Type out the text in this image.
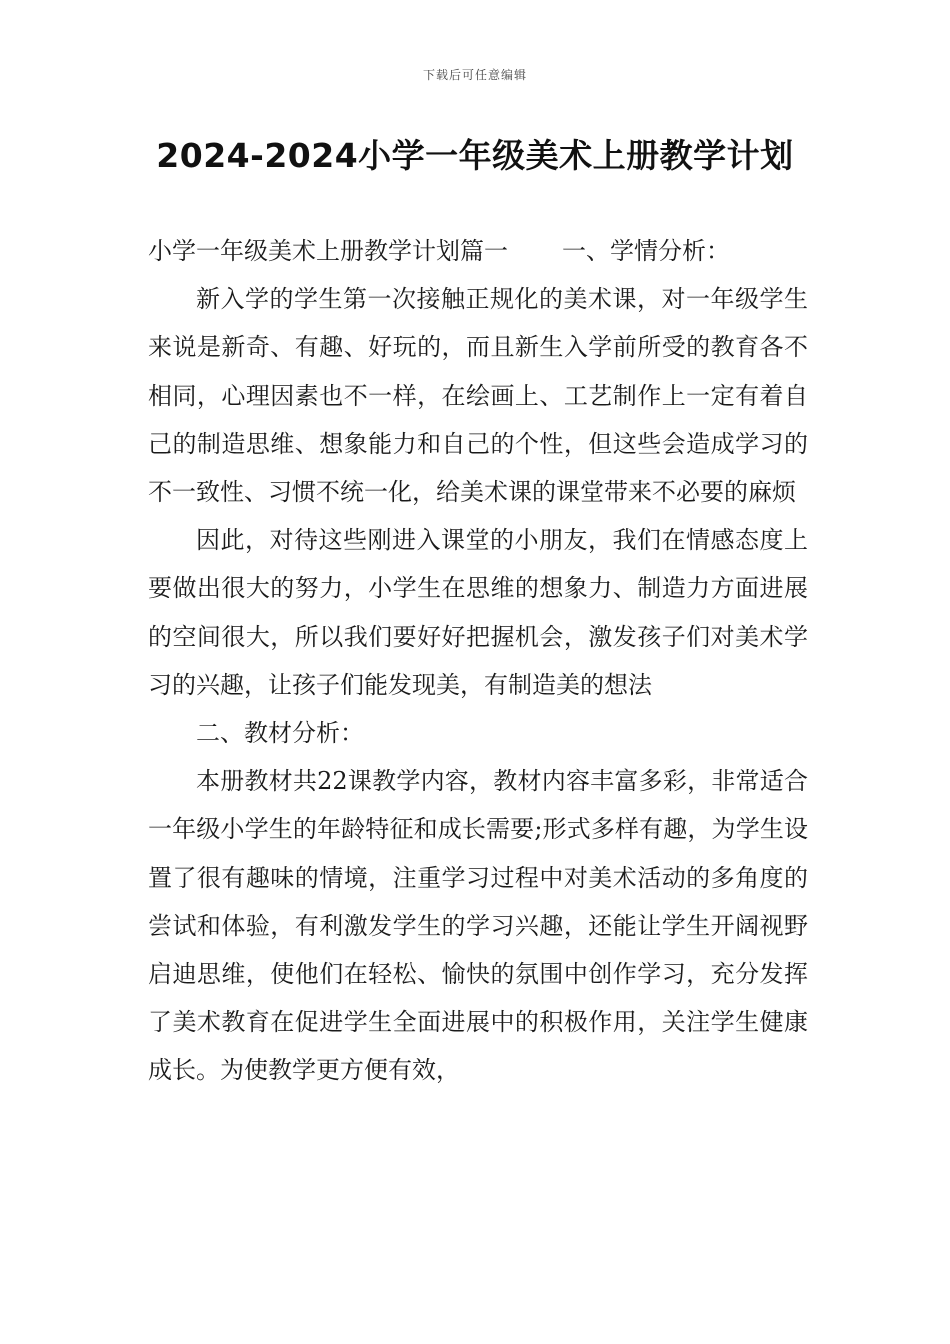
下载后可任意编辑
2024-2024小学一年级美术上册教学计划

小学一年级美术上册教学计划篇一 一、学情分析：

新入学的学生第一次接触正规化的美术课，对一年级学生来说是新奇、有趣、好玩的，而且新生入学前所受的教育各不相同，心理因素也不一样，在绘画上、工艺制作上一定有着自己的制造思维、想象能力和自己的个性，但这些会造成学习的不一致性、习惯不统一化，给美术课的课堂带来不必要的麻烦

因此，对待这些刚进入课堂的小朋友，我们在情感态度上要做出很大的努力，小学生在思维的想象力、制造力方面进展的空间很大，所以我们要好好把握机会，激发孩子们对美术学习的兴趣，让孩子们能发现美，有制造美的想法

二、教材分析：

本册教材共22课教学内容，教材内容丰富多彩，非常适合一年级小学生的年龄特征和成长需要;形式多样有趣，为学生设置了很有趣味的情境，注重学习过程中对美术活动的多角度的尝试和体验，有利激发学生的学习兴趣，还能让学生开阔视野启迪思维，使他们在轻松、愉快的氛围中创作学习，充分发挥了美术教育在促进学生全面进展中的积极作用，关注学生健康成长。为使教学更方便有效，
